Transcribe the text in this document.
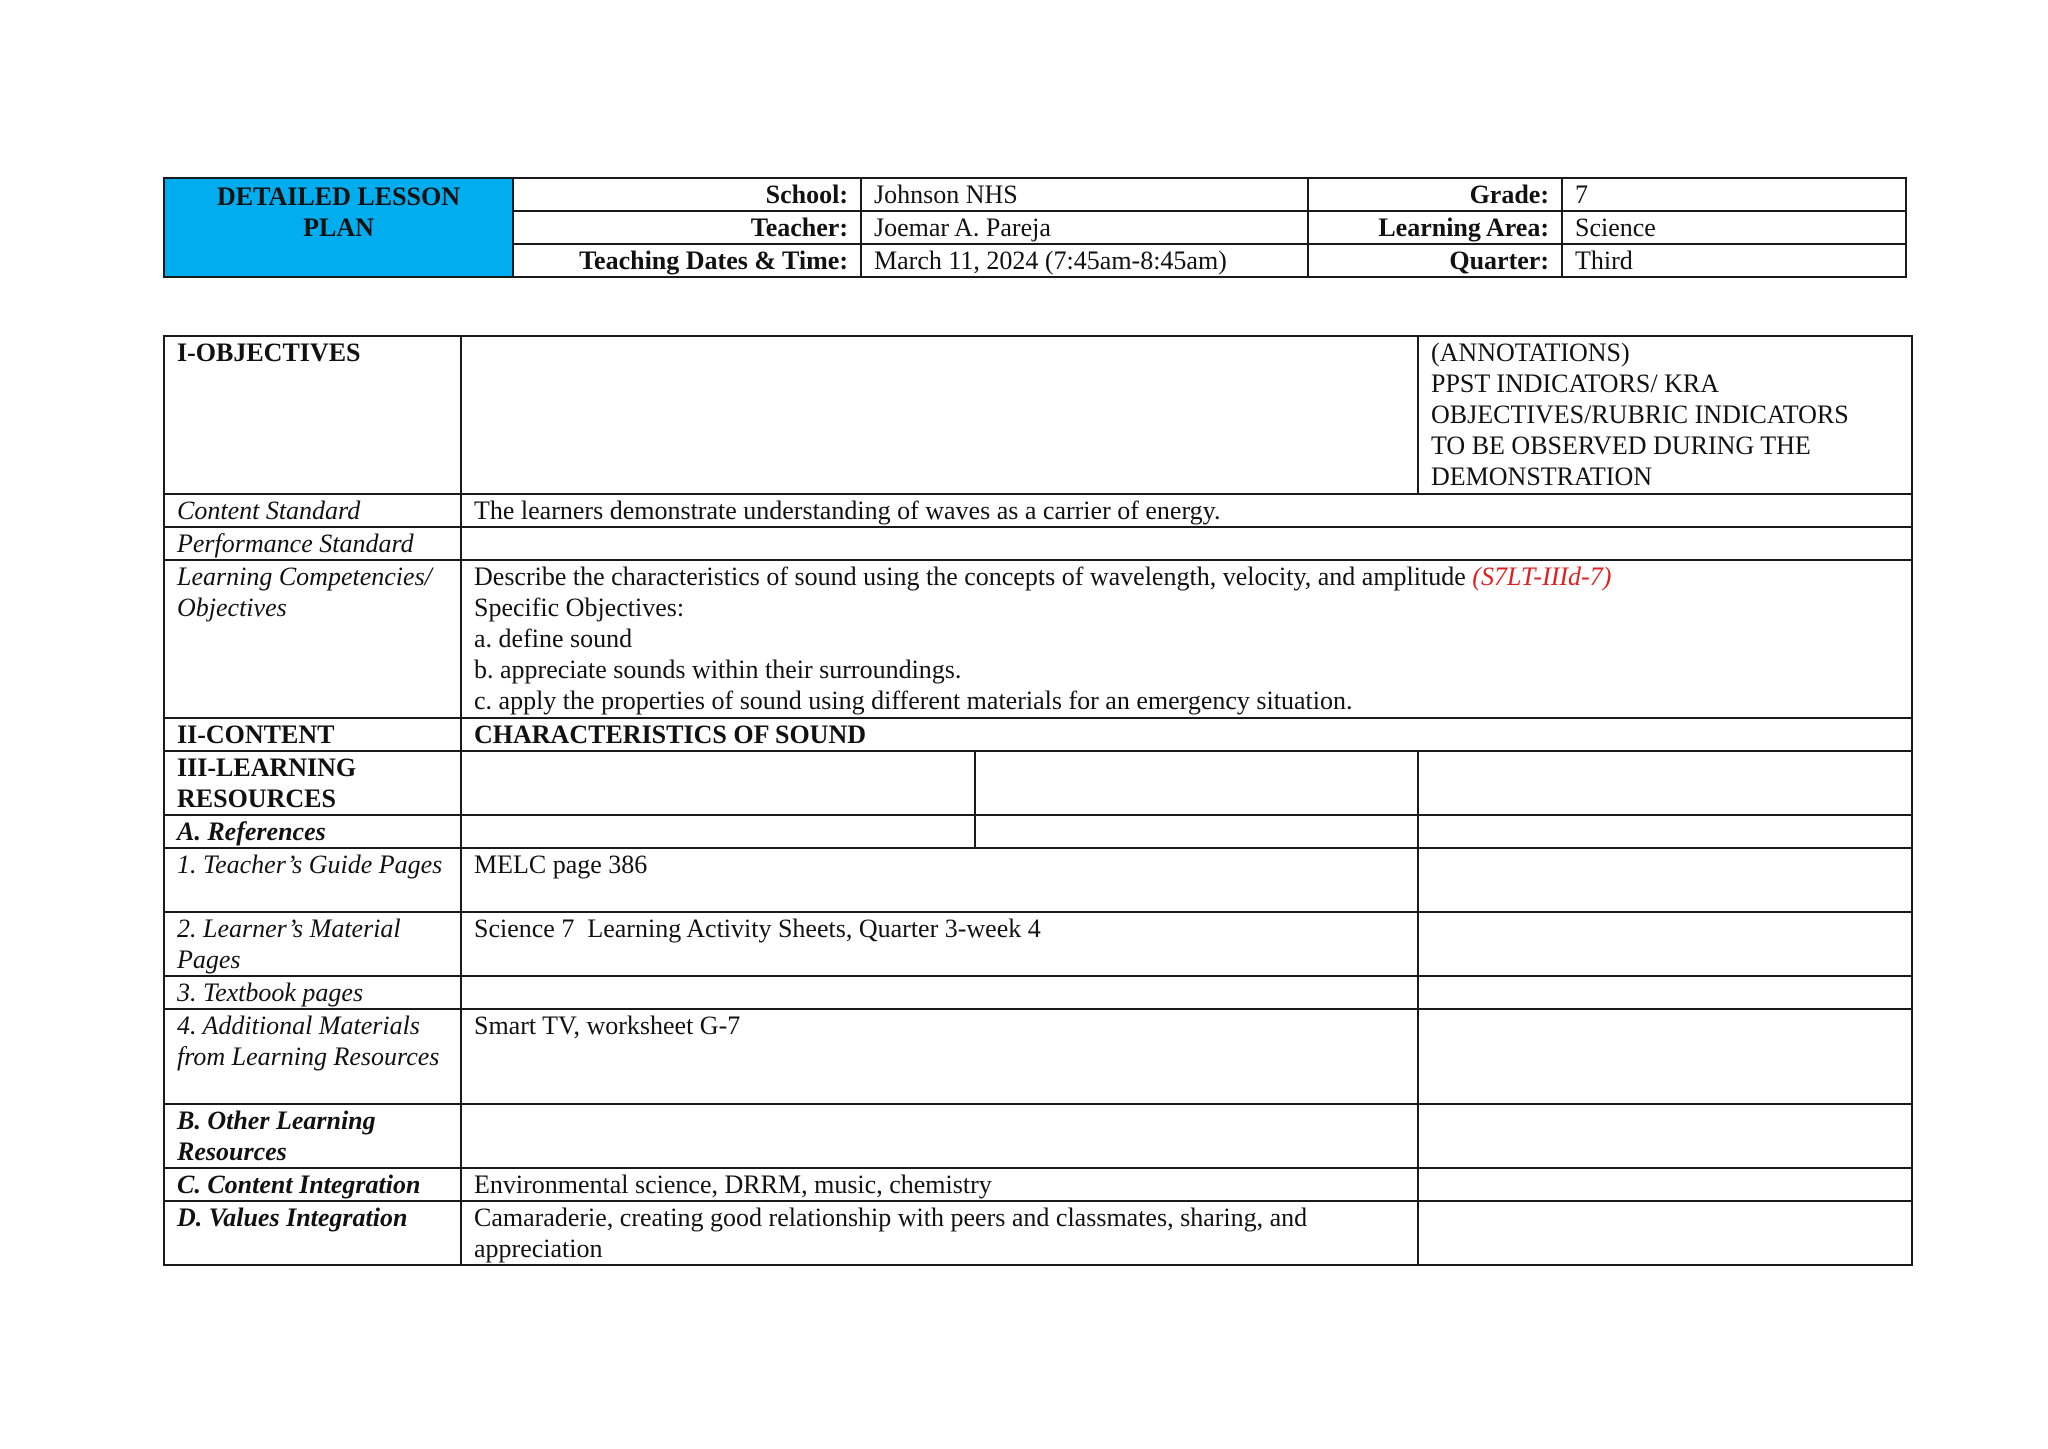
DETAILED LESSON PLAN	School:	Johnson NHS	Grade:	7
	Teacher:	Joemar A. Pareja	Learning Area:	Science
	Teaching Dates & Time:	March 11, 2024 (7:45am-8:45am)	Quarter:	Third
I-OBJECTIVES			(ANNOTATIONS)
PPST INDICATORS/ KRA
OBJECTIVES/RUBRIC INDICATORS
TO BE OBSERVED DURING THE
DEMONSTRATION

Content Standard	The learners demonstrate understanding of waves as a carrier of energy.		
Performance Standard			
Learning Competencies/Objectives	Describe the characteristics of sound using the concepts of wavelength, velocity, and amplitude (S7LT-IIId-7)
Specific Objectives:
a. define sound
b. appreciate sounds within their surroundings.
c. apply the properties of sound using different materials for an emergency situation.		

II-CONTENT	CHARACTERISTICS OF SOUND		
III-LEARNING RESOURCES			
A. References			
1. Teacher’s Guide Pages	MELC page 386		
2. Learner’s Material Pages	Science 7  Learning Activity Sheets, Quarter 3-week 4		
3. Textbook pages			
4. Additional Materials from Learning Resources	Smart TV, worksheet G-7		
B. Other Learning Resources			
C. Content Integration	Environmental science, DRRM, music, chemistry		
D. Values Integration	Camaraderie, creating good relationship with peers and classmates, sharing, and appreciation		
